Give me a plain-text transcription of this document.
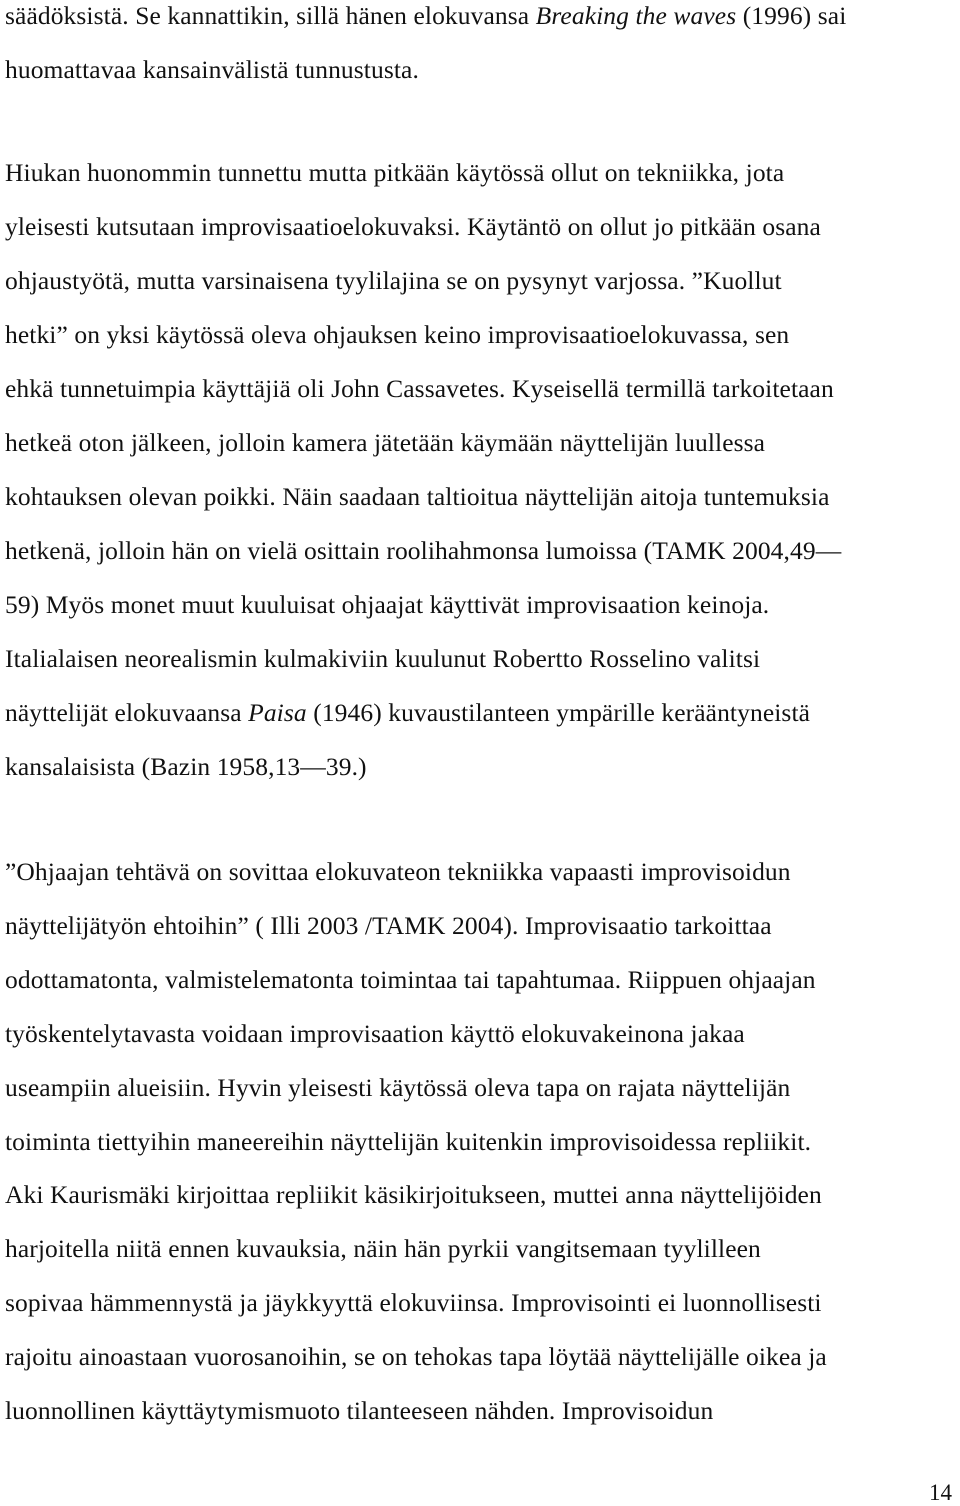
säädöksistä. Se kannattikin, sillä hänen elokuvansa Breaking the waves (1996) sai
huomattavaa kansainvälistä tunnustusta.
Hiukan huonommin tunnettu mutta pitkään käytössä ollut on tekniikka, jota
yleisesti kutsutaan improvisaatioelokuvaksi. Käytäntö on ollut jo pitkään osana
ohjaustyötä, mutta varsinaisena tyylilajina se on pysynyt varjossa. ”Kuollut
hetki” on yksi käytössä oleva ohjauksen keino improvisaatioelokuvassa, sen
ehkä tunnetuimpia käyttäjiä oli John Cassavetes. Kyseisellä termillä tarkoitetaan
hetkeä oton jälkeen, jolloin kamera jätetään käymään näyttelijän luullessa
kohtauksen olevan poikki. Näin saadaan taltioitua näyttelijän aitoja tuntemuksia
hetkenä, jolloin hän on vielä osittain roolihahmonsa lumoissa (TAMK 2004,49—
59) Myös monet muut kuuluisat ohjaajat käyttivät improvisaation keinoja.
Italialaisen neorealismin kulmakiviin kuulunut Robertto Rosselino valitsi
näyttelijät elokuvaansa Paisa (1946) kuvaustilanteen ympärille kerääntyneistä
kansalaisista (Bazin 1958,13—39.)
”Ohjaajan tehtävä on sovittaa elokuvateon tekniikka vapaasti improvisoidun
näyttelijätyön ehtoihin” ( Illi 2003 /TAMK 2004). Improvisaatio tarkoittaa
odottamatonta, valmistelematonta toimintaa tai tapahtumaa. Riippuen ohjaajan
työskentelytavasta voidaan improvisaation käyttö elokuvakeinona jakaa
useampiin alueisiin. Hyvin yleisesti käytössä oleva tapa on rajata näyttelijän
toiminta tiettyihin maneereihin näyttelijän kuitenkin improvisoidessa repliikit.
Aki Kaurismäki kirjoittaa repliikit käsikirjoitukseen, muttei anna näyttelijöiden
harjoitella niitä ennen kuvauksia, näin hän pyrkii vangitsemaan tyylilleen
sopivaa hämmennystä ja jäykkyyttä elokuviinsa. Improvisointi ei luonnollisesti
rajoitu ainoastaan vuorosanoihin, se on tehokas tapa löytää näyttelijälle oikea ja
luonnollinen käyttäytymismuoto tilanteeseen nähden. Improvisoidun
14
